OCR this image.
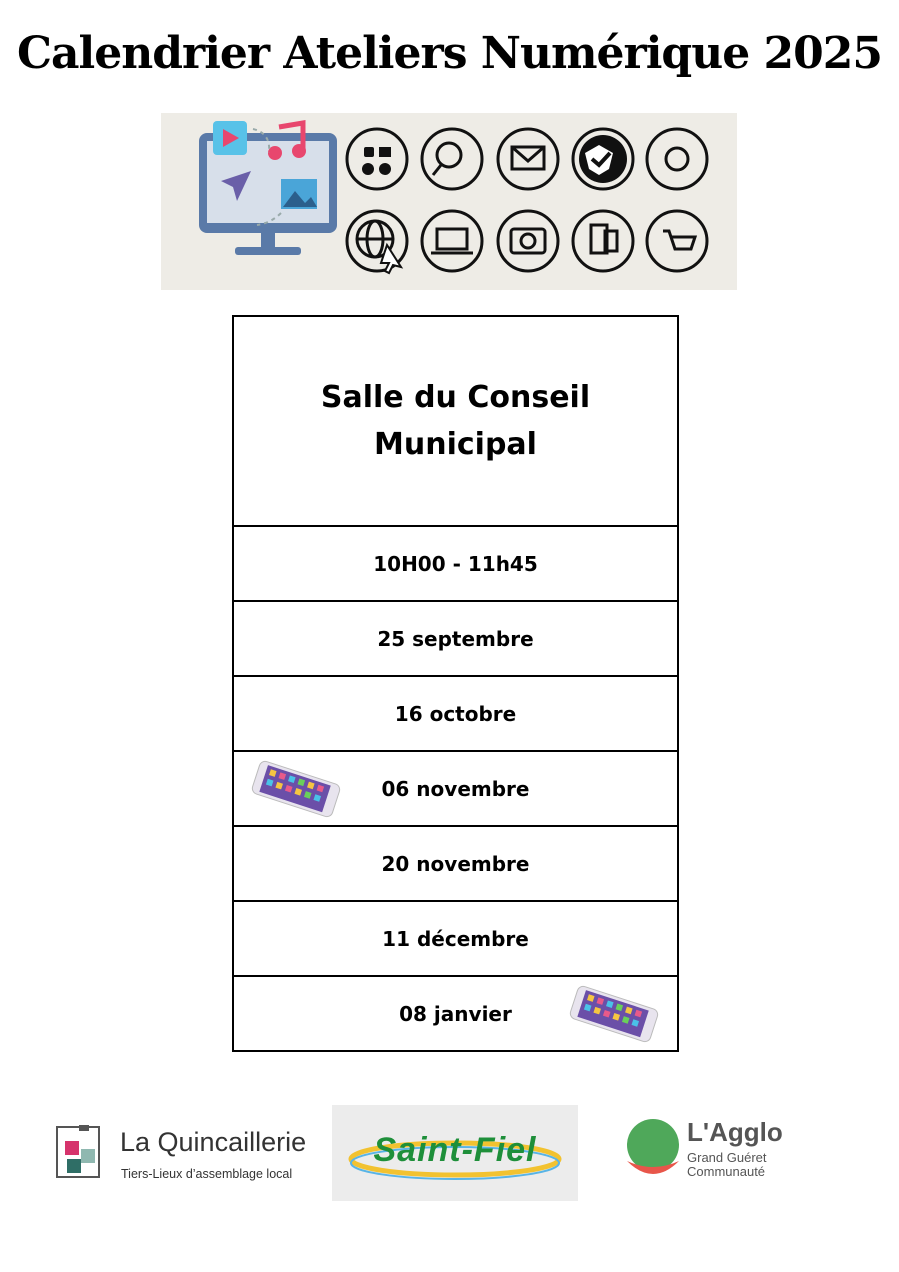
Calendrier Ateliers Numérique 2025
Salle du Conseil Municipal
10H00 - 11h45
25 septembre
16 octobre
06 novembre
20 novembre
11 décembre
08 janvier
La Quincaillerie
Tiers-Lieux d’assemblage local
Saint-Fiel	L'Agglo
Grand Guéret
Communauté
